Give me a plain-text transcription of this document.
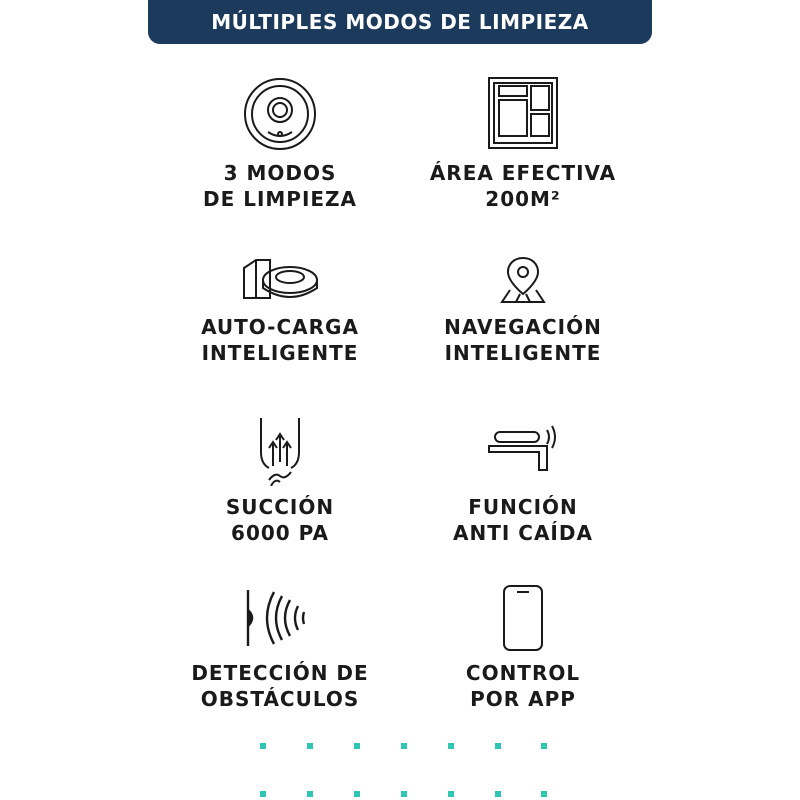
MÚLTIPLES MODOS DE LIMPIEZA
3 MODOS
DE LIMPIEZA
ÁREA EFECTIVA
200M²
AUTO-CARGA
INTELIGENTE
NAVEGACIÓN
INTELIGENTE
SUCCIÓN
6000 PA
FUNCIÓN
ANTI CAÍDA
DETECCIÓN DE
OBSTÁCULOS
CONTROL
POR APP
